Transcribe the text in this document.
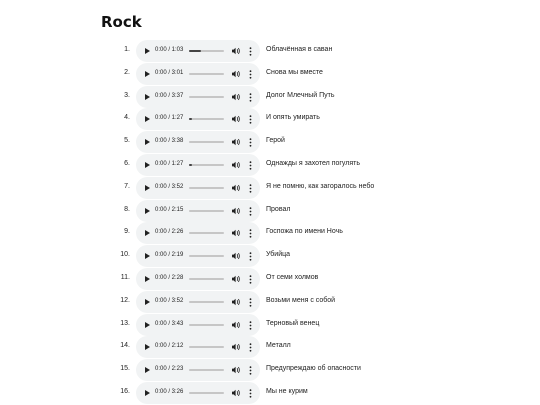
Rock
1.	0:00 / 1:03	Облачённая в саван
2.	0:00 / 3:01	Снова мы вместе
3.	0:00 / 3:37	Долог Млечный Путь
4.	0:00 / 1:27	И опять умирать
5.	0:00 / 3:38	Герой
6.	0:00 / 1:27	Однажды я захотел погулять
7.	0:00 / 3:52	Я не помню, как загоралось небо
8.	0:00 / 2:15	Провал
9.	0:00 / 2:26	Госпожа по имени Ночь
10.	0:00 / 2:19	Убийца
11.	0:00 / 2:28	От семи холмов
12.	0:00 / 3:52	Возьми меня с собой
13.	0:00 / 3:43	Терновый венец
14.	0:00 / 2:12	Металл
15.	0:00 / 2:23	Предупреждаю об опасности
16.	0:00 / 3:26	Мы не курим
